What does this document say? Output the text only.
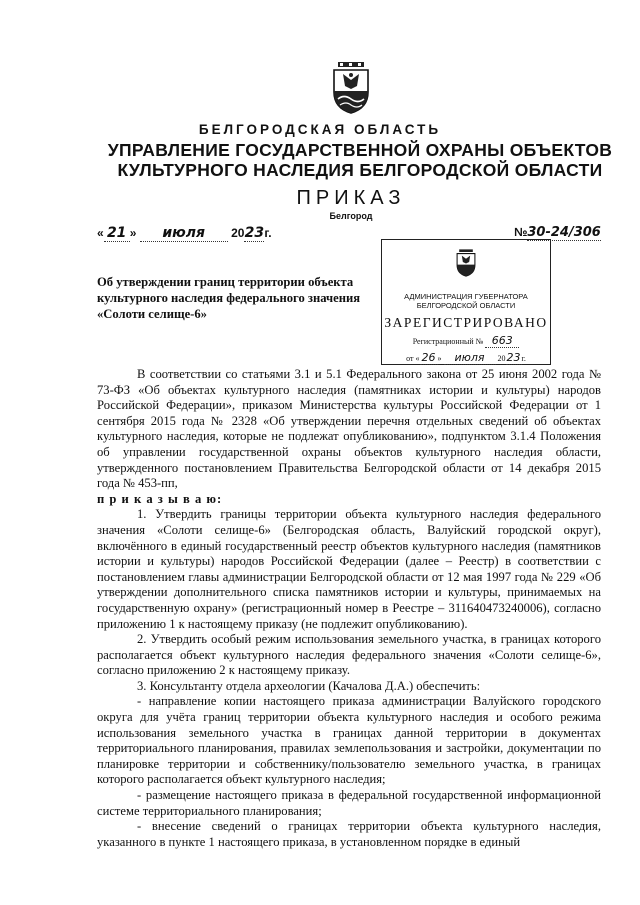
БЕЛГОРОДСКАЯ ОБЛАСТЬ
УПРАВЛЕНИЕ ГОСУДАРСТВЕННОЙ ОХРАНЫ ОБЪЕКТОВ
КУЛЬТУРНОГО НАСЛЕДИЯ БЕЛГОРОДСКОЙ ОБЛАСТИ
ПРИКАЗ
Белгород
« 21 » июля 2023г.	№30-24/306
Об утверждении границ территории объекта культурного наследия федерального значения «Солоти селище-6»
АДМИНИСТРАЦИЯ ГУБЕРНАТОРА БЕЛГОРОДСКОЙ ОБЛАСТИ
ЗАРЕГИСТРИРОВАНО
Регистрационный № 663
от « 26 » июля 2023г.

В соответствии со статьями 3.1 и 5.1 Федерального закона от 25 июня 2002 года № 73-ФЗ «Об объектах культурного наследия (памятниках истории и культуры) народов Российской Федерации», приказом Министерства культуры Российской Федерации от 1 сентября 2015 года № 2328 «Об утверждении перечня отдельных сведений об объектах культурного наследия, которые не подлежат опубликованию», подпунктом 3.1.4 Положения об управлении государственной охраны объектов культурного наследия области, утвержденного постановлением Правительства Белгородской области от 14 декабря 2015 года № 453-пп,

п р и к а з ы в а ю:

1. Утвердить границы территории объекта культурного наследия федерального значения «Солоти селище-6» (Белгородская область, Валуйский городской округ), включённого в единый государственный реестр объектов культурного наследия (памятников истории и культуры) народов Российской Федерации (далее – Реестр) в соответствии с постановлением главы администрации Белгородской области от 12 мая 1997 года № 229 «Об утверждении дополнительного списка памятников истории и культуры, принимаемых на государственную охрану» (регистрационный номер в Реестре – 311640473240006), согласно приложению 1 к настоящему приказу (не подлежит опубликованию).

2. Утвердить особый режим использования земельного участка, в границах которого располагается объект культурного наследия федерального значения «Солоти селище-6», согласно приложению 2 к настоящему приказу.

3. Консультанту отдела археологии (Качалова Д.А.) обеспечить:

- направление копии настоящего приказа администрации Валуйского городского округа для учёта границ территории объекта культурного наследия и особого режима использования земельного участка в границах данной территории в документах территориального планирования, правилах землепользования и застройки, документации по планировке территории и собственнику/пользователю земельного участка, в границах которого располагается объект культурного наследия;

- размещение настоящего приказа в федеральной государственной информационной системе территориального планирования;

- внесение сведений о границах территории объекта культурного наследия, указанного в пункте 1 настоящего приказа, в установленном порядке в единый
